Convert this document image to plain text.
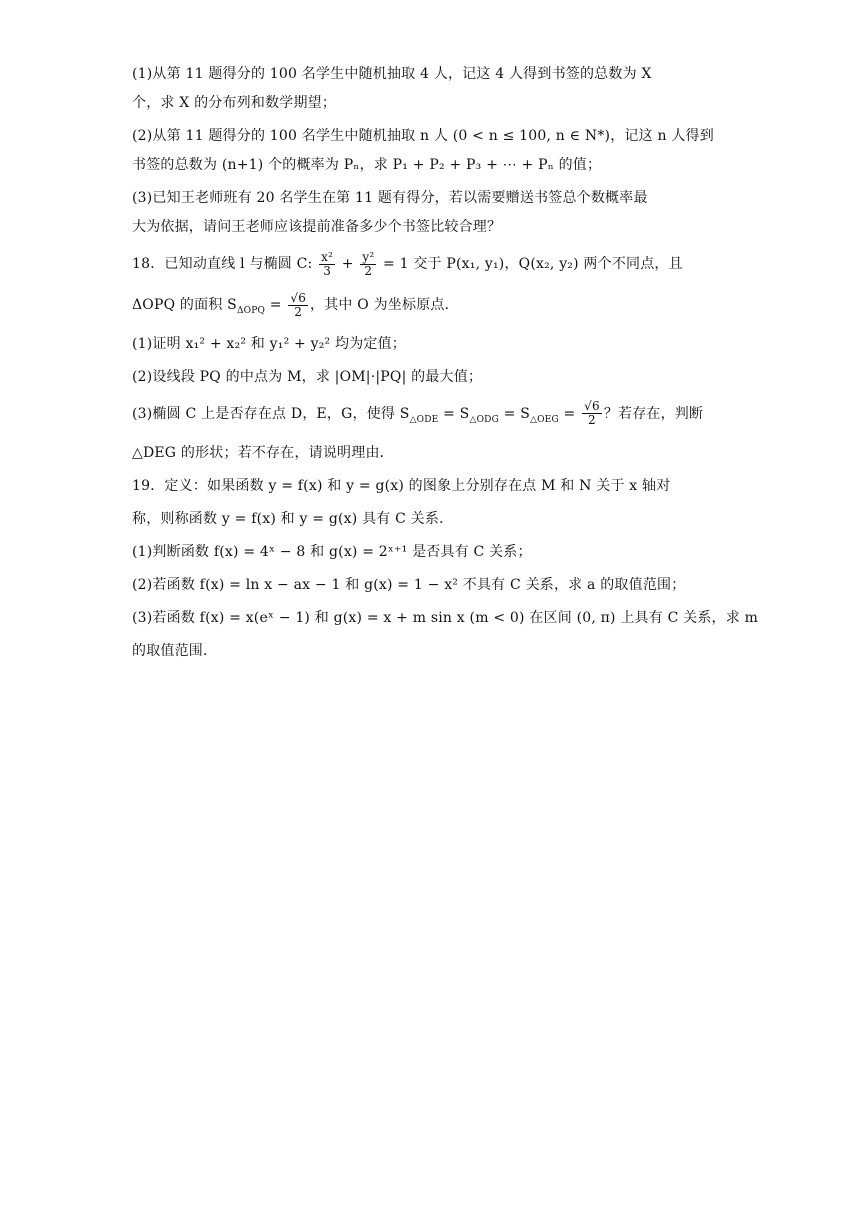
(1)从第 11 题得分的 100 名学生中随机抽取 4 人，记这 4 人得到书签的总数为 X
个，求 X 的分布列和数学期望；
(2)从第 11 题得分的 100 名学生中随机抽取 n 人 (0 < n ≤ 100, n ∈ N*)，记这 n 人得到
书签的总数为 (n+1) 个的概率为 Pₙ，求 P₁ + P₂ + P₃ + ⋯ + Pₙ 的值；
(3)已知王老师班有 20 名学生在第 11 题有得分，若以需要赠送书签总个数概率最
大为依据，请问王老师应该提前准备多少个书签比较合理？
18．已知动直线 l 与椭圆 C: $\frac{\text{x²}}{3} + \frac{\text{y²}}{2} = 1$ 交于 P(x₁, y₁)，Q(x₂, y₂) 两个不同点，且
ΔOPQ 的面积 $S_{\Delta OPQ} = \frac{√6}{2}$ ，其中 O 为坐标原点．
(1)证明 x₁² + x₂² 和 y₁² + y₂² 均为定值；
(2)设线段 PQ 的中点为 M，求 |OM|·|PQ| 的最大值；
(3)椭圆 C 上是否存在点 D，E，G，使得 $S_{\triangle ODE} = S_{\triangle ODG} = S_{\triangle OEG} = \frac{√6}{2}$ ？若存在，判断
△DEG 的形状；若不存在，请说明理由．
19．定义：如果函数 y = f(x) 和 y = g(x) 的图象上分别存在点 M 和 N 关于 x 轴对
称，则称函数 y = f(x) 和 y = g(x) 具有 C 关系．
(1)判断函数 f(x) = 4ˣ − 8 和 g(x) = 2ˣ⁺¹ 是否具有 C 关系；
(2)若函数 f(x) = ln x − ax − 1 和 g(x) = 1 − x² 不具有 C 关系，求 a 的取值范围；
(3)若函数 f(x) = x(eˣ − 1) 和 g(x) = x + m sin x (m < 0) 在区间 (0, π) 上具有 C 关系，求 m
的取值范围．
